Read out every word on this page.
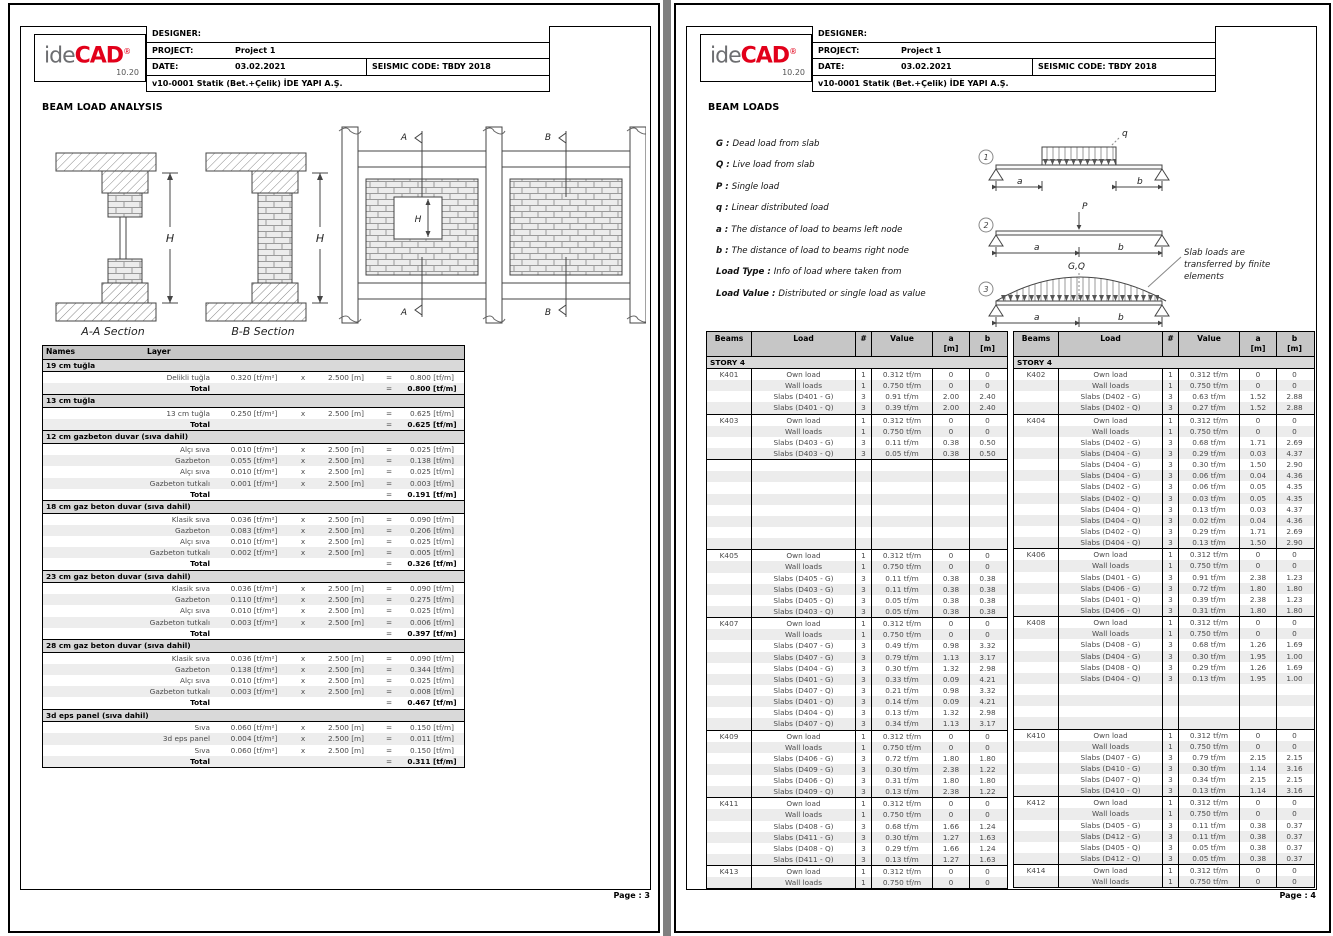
ideCAD®
10.20
DESIGNER:
PROJECT:	Project 1
DATE:	03.02.2021	SEISMIC CODE: TBDY 2018
v10-0001 Statik (Bet.+Çelik) İDE YAPI A.Ş.
BEAM LOAD ANALYSIS
H
A-A Section
H
B-B Section
H
A
A
B
B
Names	Layer
19 cm tuğla
Delikli tuğla	0.320 [tf/m²]	x	2.500 [m]	=	0.800 [tf/m]
Total	=	0.800 [tf/m]
13 cm tuğla
13 cm tuğla	0.250 [tf/m²]	x	2.500 [m]	=	0.625 [tf/m]
Total	=	0.625 [tf/m]
12 cm gazbeton duvar (sıva dahil)
Alçı sıva	0.010 [tf/m²]	x	2.500 [m]	=	0.025 [tf/m]
Gazbeton	0.055 [tf/m²]	x	2.500 [m]	=	0.138 [tf/m]
Alçı sıva	0.010 [tf/m²]	x	2.500 [m]	=	0.025 [tf/m]
Gazbeton tutkalı	0.001 [tf/m²]	x	2.500 [m]	=	0.003 [tf/m]
Total	=	0.191 [tf/m]
18 cm gaz beton duvar (sıva dahil)
Klasik sıva	0.036 [tf/m²]	x	2.500 [m]	=	0.090 [tf/m]
Gazbeton	0.083 [tf/m²]	x	2.500 [m]	=	0.206 [tf/m]
Alçı sıva	0.010 [tf/m²]	x	2.500 [m]	=	0.025 [tf/m]
Gazbeton tutkalı	0.002 [tf/m²]	x	2.500 [m]	=	0.005 [tf/m]
Total	=	0.326 [tf/m]
23 cm gaz beton duvar (sıva dahil)
Klasik sıva	0.036 [tf/m²]	x	2.500 [m]	=	0.090 [tf/m]
Gazbeton	0.110 [tf/m²]	x	2.500 [m]	=	0.275 [tf/m]
Alçı sıva	0.010 [tf/m²]	x	2.500 [m]	=	0.025 [tf/m]
Gazbeton tutkalı	0.003 [tf/m²]	x	2.500 [m]	=	0.006 [tf/m]
Total	=	0.397 [tf/m]
28 cm gaz beton duvar (sıva dahil)
Klasik sıva	0.036 [tf/m²]	x	2.500 [m]	=	0.090 [tf/m]
Gazbeton	0.138 [tf/m²]	x	2.500 [m]	=	0.344 [tf/m]
Alçı sıva	0.010 [tf/m²]	x	2.500 [m]	=	0.025 [tf/m]
Gazbeton tutkalı	0.003 [tf/m²]	x	2.500 [m]	=	0.008 [tf/m]
Total	=	0.467 [tf/m]
3d eps panel (sıva dahil)
Sıva	0.060 [tf/m²]	x	2.500 [m]	=	0.150 [tf/m]
3d eps panel	0.004 [tf/m²]	x	2.500 [m]	=	0.011 [tf/m]
Sıva	0.060 [tf/m²]	x	2.500 [m]	=	0.150 [tf/m]
Total	=	0.311 [tf/m]
Page : 3
ideCAD®
10.20
DESIGNER:
PROJECT:	Project 1
DATE:	03.02.2021	SEISMIC CODE: TBDY 2018
v10-0001 Statik (Bet.+Çelik) İDE YAPI A.Ş.
BEAM LOADS
G : Dead load from slab
Q : Live load from slab
P : Single load
q : Linear distributed load
a : The distance of load to beams left node
b : The distance of load to beams right node
Load Type : Info of load where taken from
Load Value : Distributed or single load as value
1
q
a	b
2
P
a	b
3
G,Q
a	b
Slab loads are
transferred by finite
elements
Beams	Load	#	Value	a
[m]
b
[m]
STORY 4
K401	Own load	1	0.312 tf/m	0	0
Wall loads	1	0.750 tf/m	0	0
Slabs (D401 - G)	3	0.91 tf/m	2.00	2.40
Slabs (D401 - Q)	3	0.39 tf/m	2.00	2.40
K403	Own load	1	0.312 tf/m	0	0
Wall loads	1	0.750 tf/m	0	0
Slabs (D403 - G)	3	0.11 tf/m	0.38	0.50
Slabs (D403 - Q)	3	0.05 tf/m	0.38	0.50
K405	Own load	1	0.312 tf/m	0	0
Wall loads	1	0.750 tf/m	0	0
Slabs (D405 - G)	3	0.11 tf/m	0.38	0.38
Slabs (D403 - G)	3	0.11 tf/m	0.38	0.38
Slabs (D405 - Q)	3	0.05 tf/m	0.38	0.38
Slabs (D403 - Q)	3	0.05 tf/m	0.38	0.38
K407	Own load	1	0.312 tf/m	0	0
Wall loads	1	0.750 tf/m	0	0
Slabs (D407 - G)	3	0.49 tf/m	0.98	3.32
Slabs (D407 - G)	3	0.79 tf/m	1.13	3.17
Slabs (D404 - G)	3	0.30 tf/m	1.32	2.98
Slabs (D401 - G)	3	0.33 tf/m	0.09	4.21
Slabs (D407 - Q)	3	0.21 tf/m	0.98	3.32
Slabs (D401 - Q)	3	0.14 tf/m	0.09	4.21
Slabs (D404 - Q)	3	0.13 tf/m	1.32	2.98
Slabs (D407 - Q)	3	0.34 tf/m	1.13	3.17
K409	Own load	1	0.312 tf/m	0	0
Wall loads	1	0.750 tf/m	0	0
Slabs (D406 - G)	3	0.72 tf/m	1.80	1.80
Slabs (D409 - G)	3	0.30 tf/m	2.38	1.22
Slabs (D406 - Q)	3	0.31 tf/m	1.80	1.80
Slabs (D409 - Q)	3	0.13 tf/m	2.38	1.22
K411	Own load	1	0.312 tf/m	0	0
Wall loads	1	0.750 tf/m	0	0
Slabs (D408 - G)	3	0.68 tf/m	1.66	1.24
Slabs (D411 - G)	3	0.30 tf/m	1.27	1.63
Slabs (D408 - Q)	3	0.29 tf/m	1.66	1.24
Slabs (D411 - Q)	3	0.13 tf/m	1.27	1.63
K413	Own load	1	0.312 tf/m	0	0
Wall loads	1	0.750 tf/m	0	0
Beams	Load	#	Value	a
[m]
b
[m]
STORY 4
K402	Own load	1	0.312 tf/m	0	0
Wall loads	1	0.750 tf/m	0	0
Slabs (D402 - G)	3	0.63 tf/m	1.52	2.88
Slabs (D402 - Q)	3	0.27 tf/m	1.52	2.88
K404	Own load	1	0.312 tf/m	0	0
Wall loads	1	0.750 tf/m	0	0
Slabs (D402 - G)	3	0.68 tf/m	1.71	2.69
Slabs (D404 - G)	3	0.29 tf/m	0.03	4.37
Slabs (D404 - G)	3	0.30 tf/m	1.50	2.90
Slabs (D404 - G)	3	0.06 tf/m	0.04	4.36
Slabs (D402 - G)	3	0.06 tf/m	0.05	4.35
Slabs (D402 - Q)	3	0.03 tf/m	0.05	4.35
Slabs (D404 - Q)	3	0.13 tf/m	0.03	4.37
Slabs (D404 - Q)	3	0.02 tf/m	0.04	4.36
Slabs (D402 - Q)	3	0.29 tf/m	1.71	2.69
Slabs (D404 - Q)	3	0.13 tf/m	1.50	2.90
K406	Own load	1	0.312 tf/m	0	0
Wall loads	1	0.750 tf/m	0	0
Slabs (D401 - G)	3	0.91 tf/m	2.38	1.23
Slabs (D406 - G)	3	0.72 tf/m	1.80	1.80
Slabs (D401 - Q)	3	0.39 tf/m	2.38	1.23
Slabs (D406 - Q)	3	0.31 tf/m	1.80	1.80
K408	Own load	1	0.312 tf/m	0	0
Wall loads	1	0.750 tf/m	0	0
Slabs (D408 - G)	3	0.68 tf/m	1.26	1.69
Slabs (D404 - G)	3	0.30 tf/m	1.95	1.00
Slabs (D408 - Q)	3	0.29 tf/m	1.26	1.69
Slabs (D404 - Q)	3	0.13 tf/m	1.95	1.00
K410	Own load	1	0.312 tf/m	0	0
Wall loads	1	0.750 tf/m	0	0
Slabs (D407 - G)	3	0.79 tf/m	2.15	2.15
Slabs (D410 - G)	3	0.30 tf/m	1.14	3.16
Slabs (D407 - Q)	3	0.34 tf/m	2.15	2.15
Slabs (D410 - Q)	3	0.13 tf/m	1.14	3.16
K412	Own load	1	0.312 tf/m	0	0
Wall loads	1	0.750 tf/m	0	0
Slabs (D405 - G)	3	0.11 tf/m	0.38	0.37
Slabs (D412 - G)	3	0.11 tf/m	0.38	0.37
Slabs (D405 - Q)	3	0.05 tf/m	0.38	0.37
Slabs (D412 - Q)	3	0.05 tf/m	0.38	0.37
K414	Own load	1	0.312 tf/m	0	0
Wall loads	1	0.750 tf/m	0	0
Page : 4
